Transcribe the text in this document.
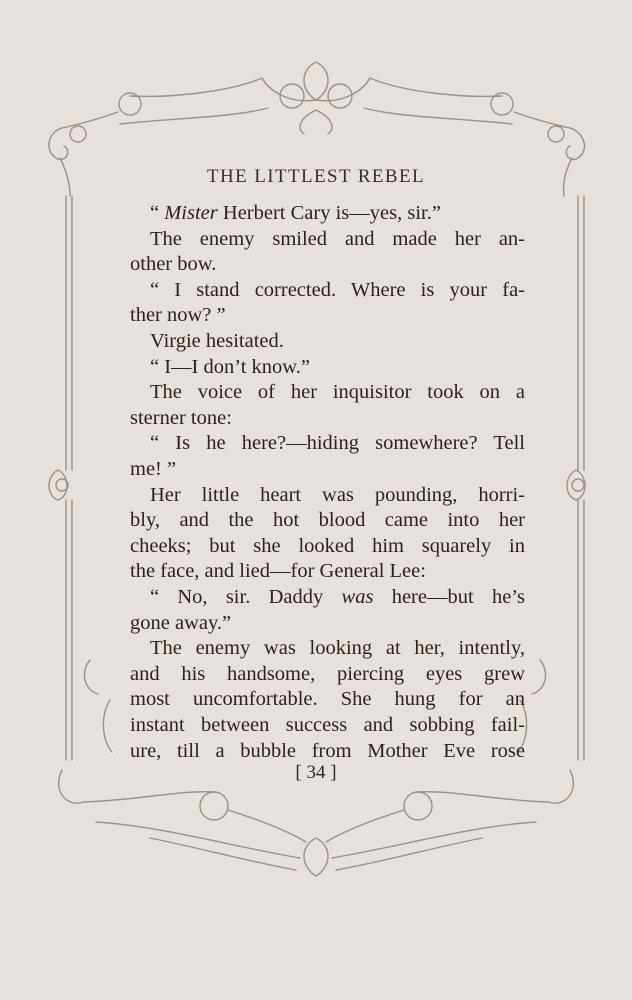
THE LITTLEST REBEL
“ Mister Herbert Cary is—yes, sir.”
The enemy smiled and made her an-
other bow.
“ I stand corrected. Where is your fa-
ther now? ”
Virgie hesitated.
“ I—I don’t know.”
The voice of her inquisitor took on a
sterner tone:
“ Is he here?—hiding somewhere? Tell
me! ”
Her little heart was pounding, horri-
bly, and the hot blood came into her
cheeks; but she looked him squarely in
the face, and lied—for General Lee:
“ No, sir. Daddy was here—but he’s
gone away.”
The enemy was looking at her, intently,
and his handsome, piercing eyes grew
most uncomfortable. She hung for an
instant between success and sobbing fail-
ure, till a bubble from Mother Eve rose
[ 34 ]
